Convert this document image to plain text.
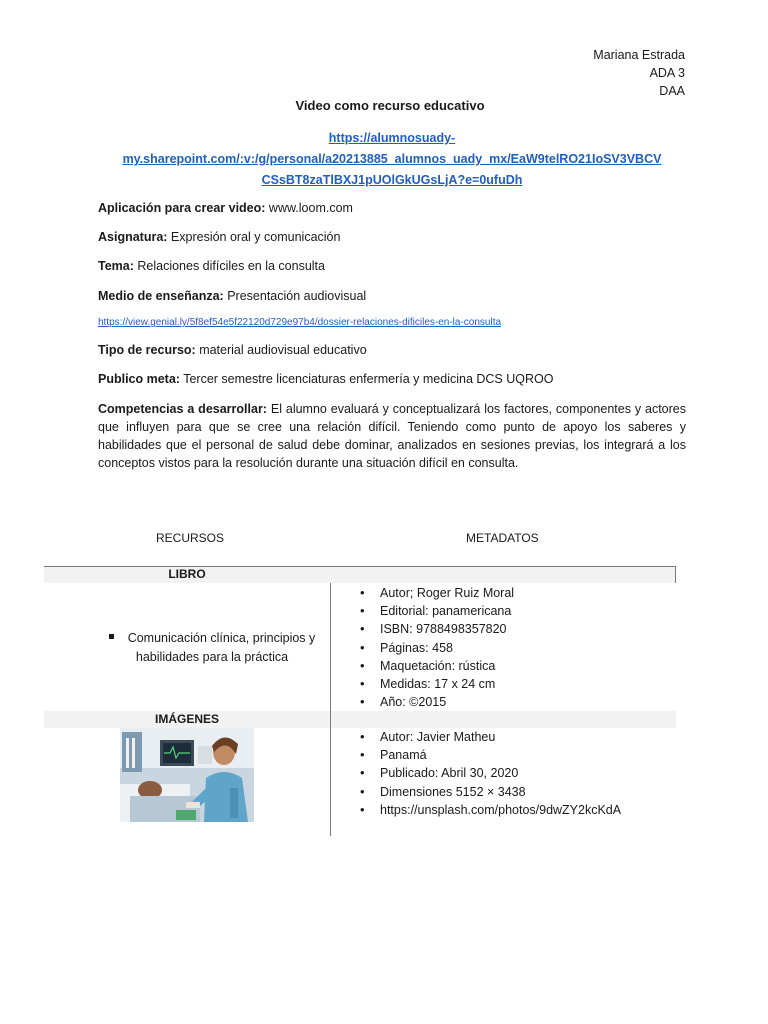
Mariana Estrada
ADA 3
DAA
Video como recurso educativo
https://alumnosuady-
my.sharepoint.com/:v:/g/personal/a20213885_alumnos_uady_mx/EaW9telRO21IoSV3VBCV
CSsBT8zaTlBXJ1pUOlGkUGsLjA?e=0ufuDh
Aplicación para crear video: www.loom.com
Asignatura: Expresión oral y comunicación
Tema: Relaciones difíciles en la consulta
Medio de enseñanza: Presentación audiovisual
https://view.genial.ly/5f8ef54e5f22120d729e97b4/dossier-relaciones-dificiles-en-la-consulta
Tipo de recurso: material audiovisual educativo
Publico meta: Tercer semestre licenciaturas enfermería y medicina DCS UQROO
Competencias a desarrollar: El alumno evaluará y conceptualizará los factores, componentes y actores que influyen para que se cree una relación difícil. Teniendo como punto de apoyo los saberes y habilidades que el personal de salud debe dominar, analizados en sesiones previas, los integrará a los conceptos vistos para la resolución durante una situación difícil en consulta.
RECURSOS	METADATOS
LIBRO
Comunicación clínica, principios y
habilidades para la práctica
• Autor; Roger Ruiz Moral
• Editorial: panamericana
• ISBN: 9788498357820
• Páginas: 458
• Maquetación: rústica
• Medidas: 17 x 24 cm
• Año: ©2015
IMÁGENES
• Autor: Javier Matheu
• Panamá
• Publicado: Abril 30, 2020
• Dimensiones 5152 × 3438
• https://unsplash.com/photos/9dwZY2kcKdA
